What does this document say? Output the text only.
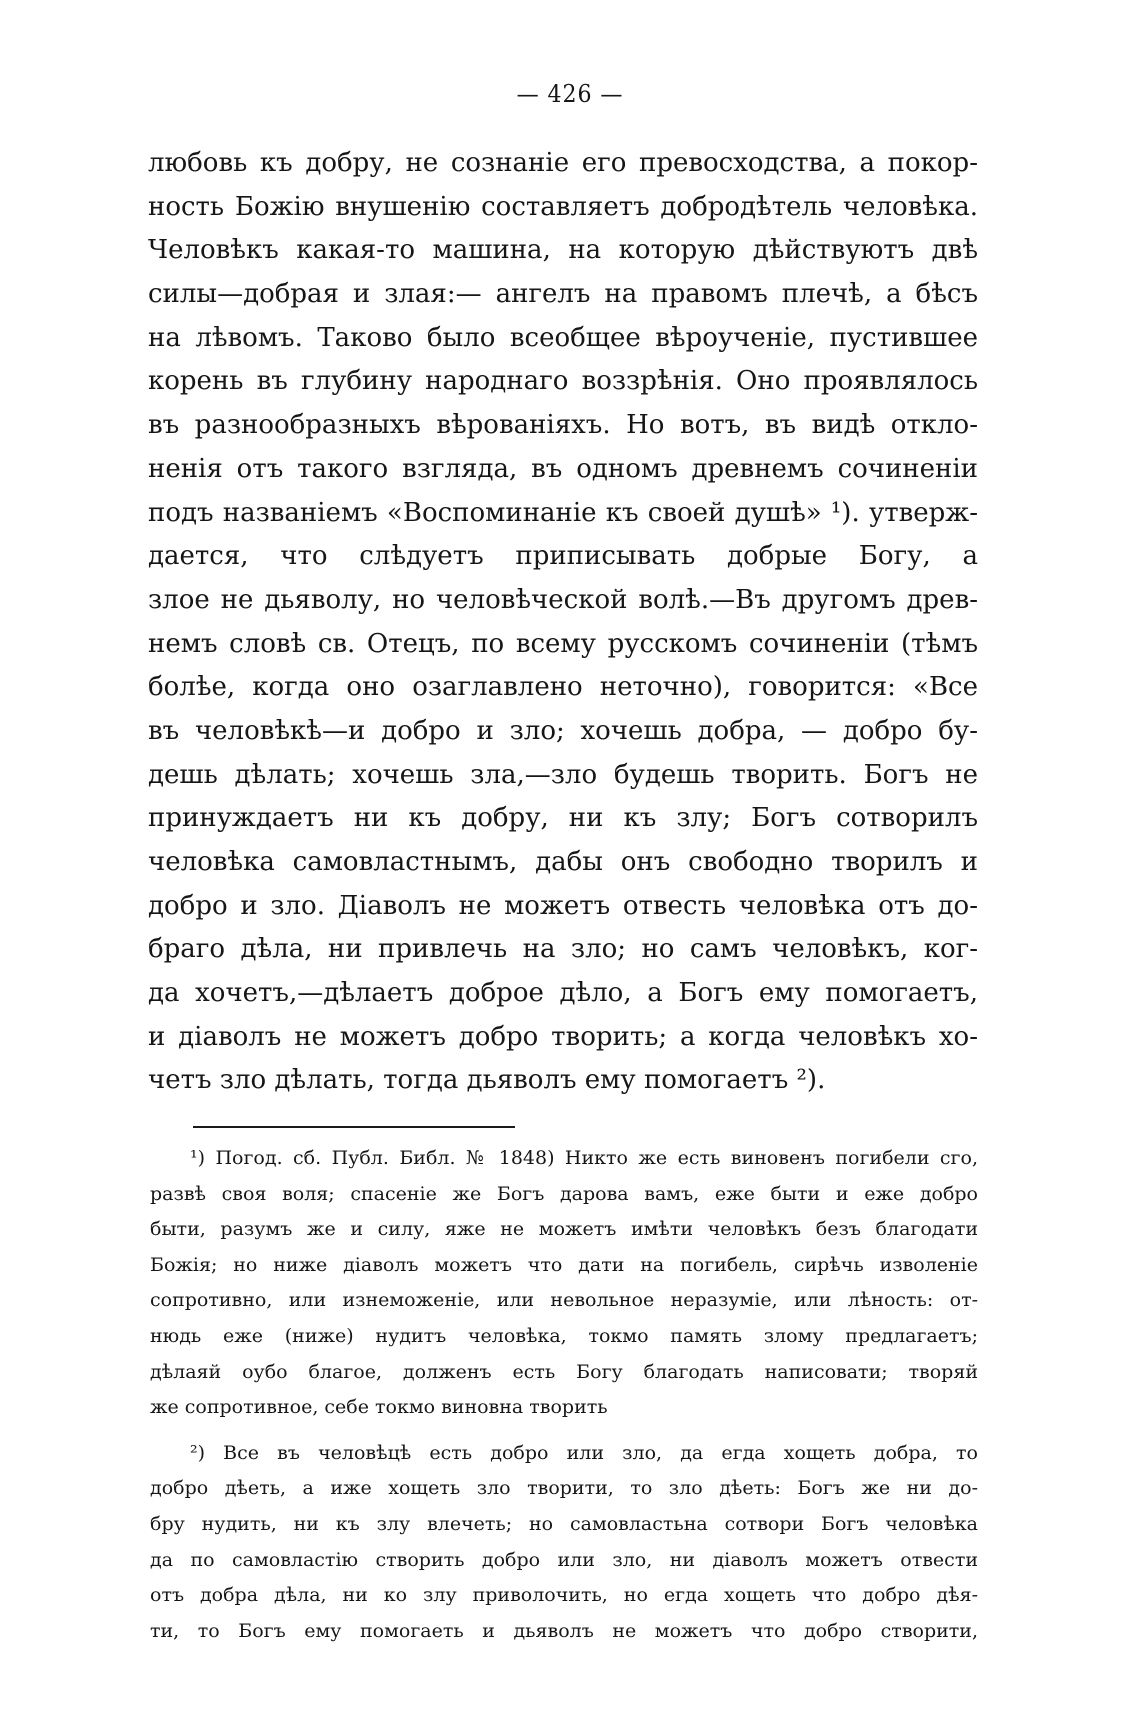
— 426 —
любовь къ добру, не сознаніе его превосходства, а покор-
ность Божію внушенію составляетъ добродѣтель человѣка.
Человѣкъ какая-то машина, на которую дѣйствуютъ двѣ
силы—добрая и злая:— ангелъ на правомъ плечѣ, а бѣсъ
на лѣвомъ. Таково было всеобщее вѣроученіе, пустившее
корень въ глубину народнаго воззрѣнія. Оно проявлялось
въ разнообразныхъ вѣрованіяхъ. Но вотъ, въ видѣ откло-
ненія отъ такого взгляда, въ одномъ древнемъ сочиненіи
подъ названіемъ «Воспоминаніе къ своей душѣ» ¹). утверж-
дается, что слѣдуетъ приписывать добрые Богу, а
злое не дьяволу, но человѣческой волѣ.—Въ другомъ древ-
немъ словѣ св. Отецъ, по всему русскомъ сочиненіи (тѣмъ
болѣе, когда оно озаглавлено неточно), говорится: «Все
въ человѣкѣ—и добро и зло; хочешь добра, — добро бу-
дешь дѣлать; хочешь зла,—зло будешь творить. Богъ не
принуждаетъ ни къ добру, ни къ злу; Богъ сотворилъ
человѣка самовластнымъ, дабы онъ свободно творилъ и
добро и зло. Діаволъ не можетъ отвесть человѣка отъ до-
браго дѣла, ни привлечь на зло; но самъ человѣкъ, ког-
да хочетъ,—дѣлаетъ доброе дѣло, а Богъ ему помогаетъ,
и діаволъ не можетъ добро творить; а когда человѣкъ хо-
четъ зло дѣлать, тогда дьяволъ ему помогаетъ ²).
¹) Погод. сб. Публ. Библ. № 1848) Никто же есть виновенъ погибели сго,
развѣ своя воля; спасеніе же Богъ дарова вамъ, еже быти и еже добро
быти, разумъ же и силу, яже не можетъ имѣти человѣкъ безъ благодати
Божія; но ниже діаволъ можетъ что дати на погибель, сирѣчь изволеніе
сопротивно, или изнеможеніе, или невольное неразуміе, или лѣность: от-
нюдь еже (ниже) нудитъ человѣка, токмо память злому предлагаетъ;
дѣлаяй оубо благое, долженъ есть Богу благодать написовати; творяй
же сопротивное, себе токмо виновна творить
²) Все въ человѣцѣ есть добро или зло, да егда хощеть добра, то
добро дѣеть, а иже хощеть зло творити, то зло дѣеть: Богъ же ни до-
бру нудить, ни къ злу влечеть; но самовластьна сотвори Богъ человѣка
да по самовластію створить добро или зло, ни діаволъ можетъ отвести
отъ добра дѣла, ни ко злу приволочить, но егда хощеть что добро дѣя-
ти, то Богъ ему помогаеть и дьяволъ не можетъ что добро створити,
